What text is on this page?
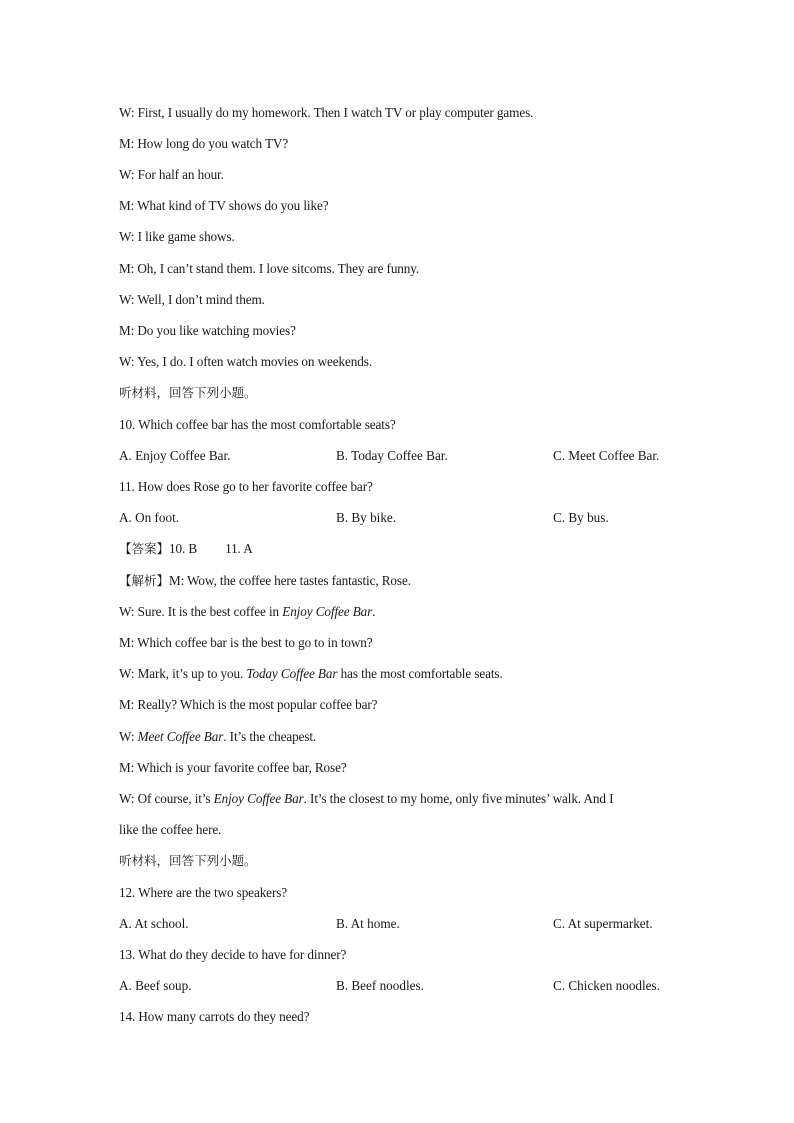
W: First, I usually do my homework. Then I watch TV or play computer games.
M: How long do you watch TV?
W: For half an hour.
M: What kind of TV shows do you like?
W: I like game shows.
M: Oh, I can’t stand them. I love sitcoms. They are funny.
W: Well, I don’t mind them.
M: Do you like watching movies?
W: Yes, I do. I often watch movies on weekends.
听材料，回答下列小题。
10. Which coffee bar has the most comfortable seats?
A. Enjoy Coffee Bar.	B. Today Coffee Bar.	C. Meet Coffee Bar.
11. How does Rose go to her favorite coffee bar?
A. On foot.	B. By bike.	C. By bus.
【答案】10. B 11. A
【解析】M: Wow, the coffee here tastes fantastic, Rose.
W: Sure. It is the best coffee in Enjoy Coffee Bar.
M: Which coffee bar is the best to go to in town?
W: Mark, it’s up to you. Today Coffee Bar has the most comfortable seats.
M: Really? Which is the most popular coffee bar?
W: Meet Coffee Bar. It’s the cheapest.
M: Which is your favorite coffee bar, Rose?
W: Of course, it’s Enjoy Coffee Bar. It’s the closest to my home, only five minutes’ walk. And I
like the coffee here.
听材料，回答下列小题。
12. Where are the two speakers?
A. At school.	B. At home.	C. At supermarket.
13. What do they decide to have for dinner?
A. Beef soup.	B. Beef noodles.	C. Chicken noodles.
14. How many carrots do they need?
